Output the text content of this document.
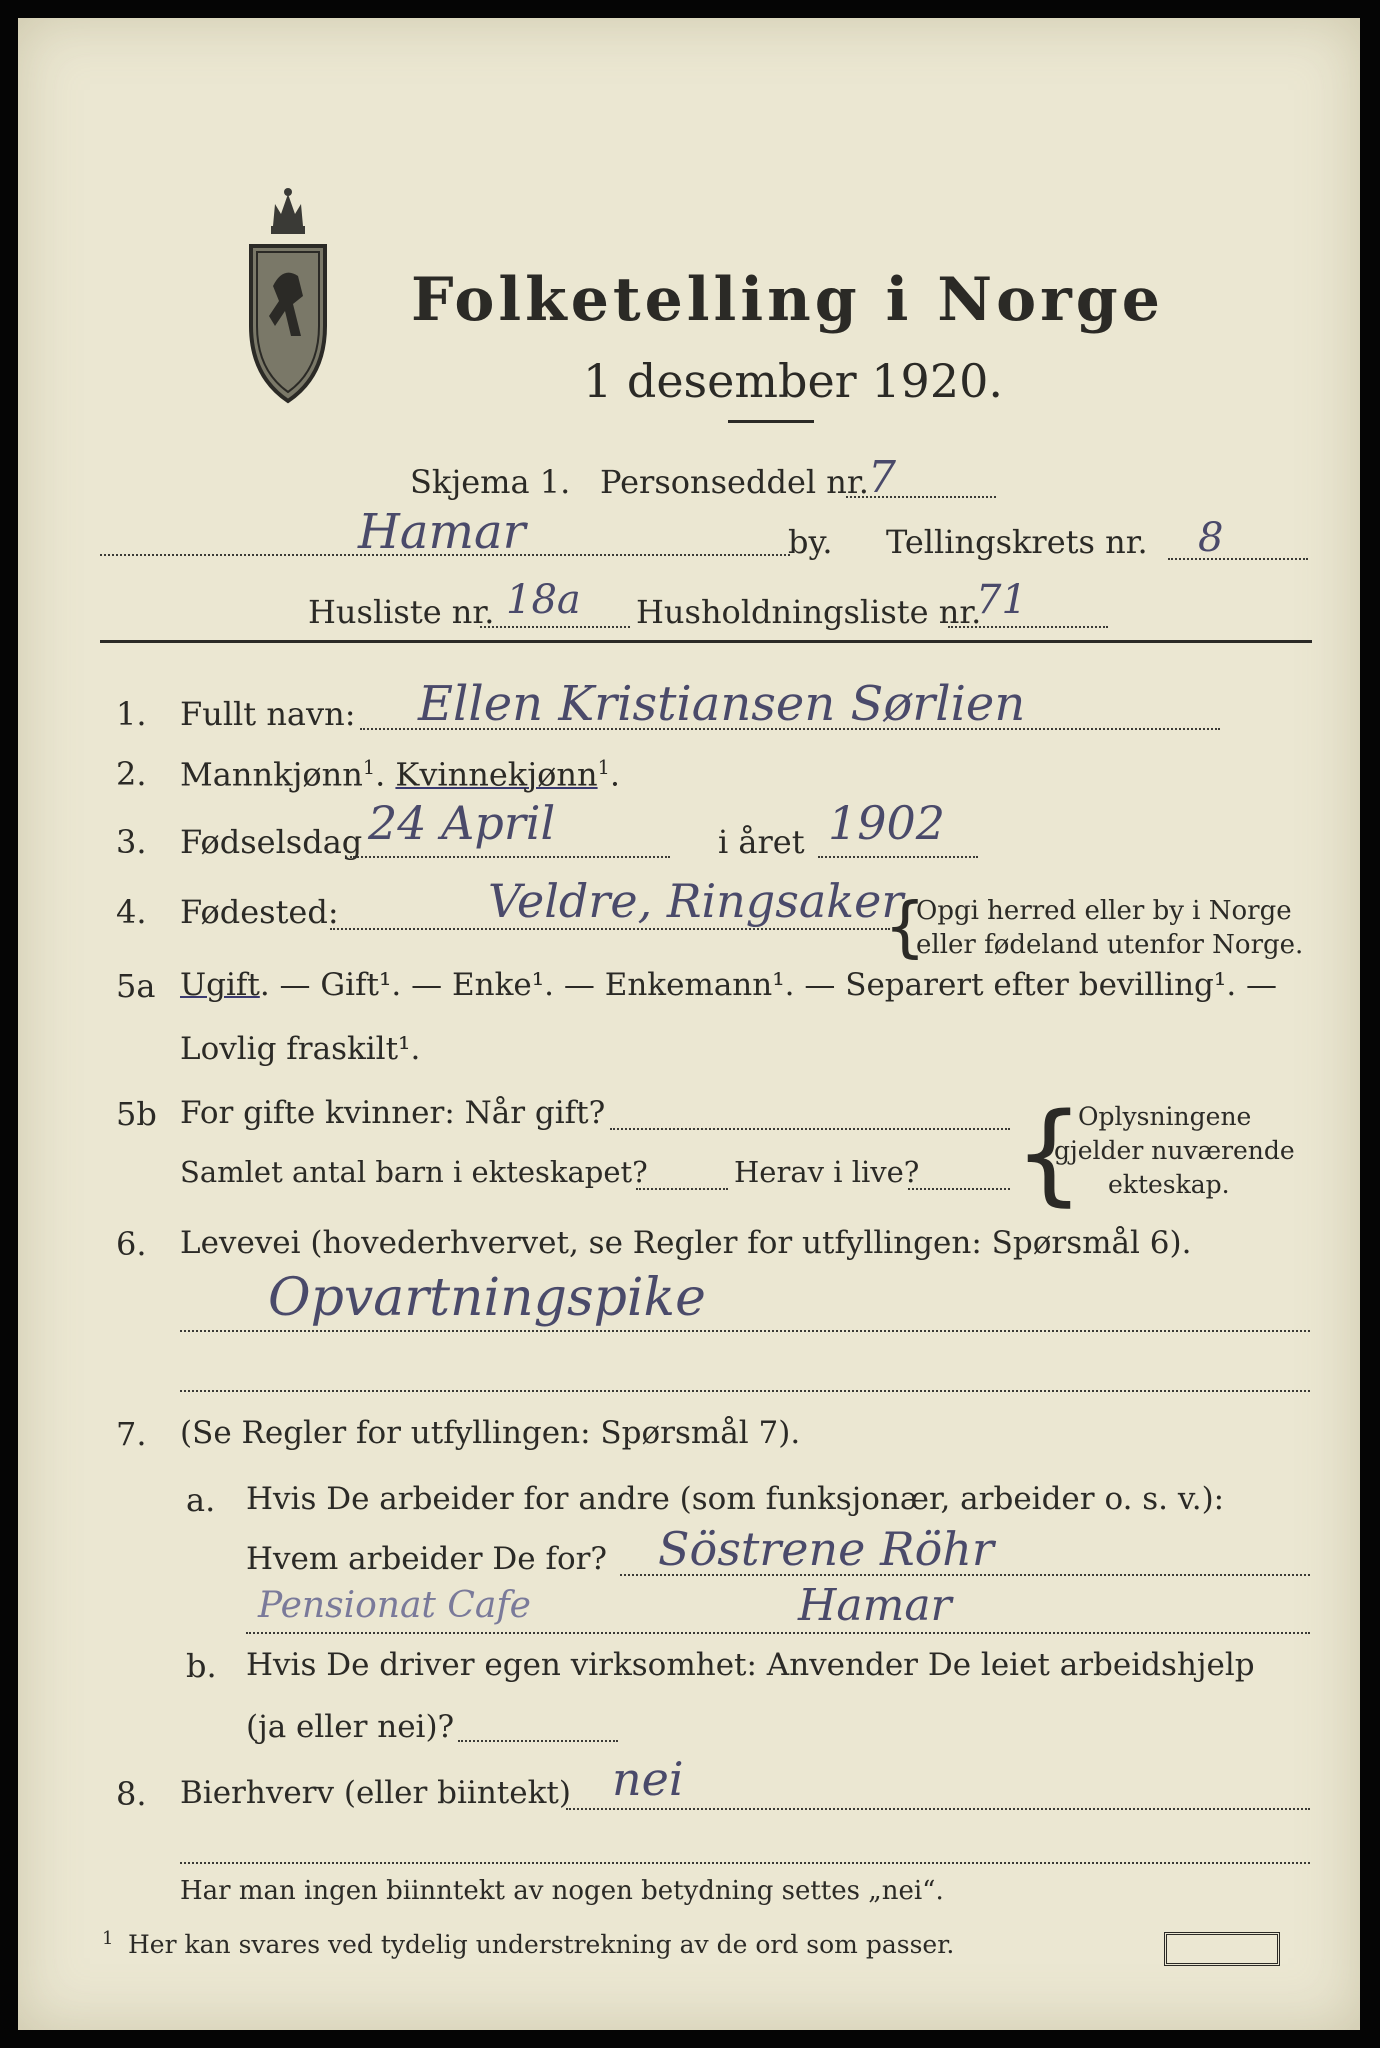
Folketelling i Norge
1 desember 1920.
Skjema 1. Personseddel nr. 7
Hamar	by. Tellingskrets nr. 8
Husliste nr. 18a Husholdningsliste nr.
71
1. Fullt navn: Ellen Kristiansen Sørlien
2. Mannkjønn$^1$. Kvinnekjønn$^1$.
3. Fødselsdag 24 April	i året 1902
4. Fødested:	Veldre, Ringsaker
{
Opgi herred eller by i Norge
eller fødeland utenfor Norge.
5a Ugift. — Gift¹. — Enke¹. — Enkemann¹. — Separert efter bevilling¹. —
Lovlig fraskilt¹.
5b For gifte kvinner: Når gift?
Samlet antal barn i ekteskapet?	Herav i live? {
Oplysningene
gjelder nuværende
ekteskap.
6. Levevei (hovederhvervet, se Regler for utfyllingen: Spørsmål 6).
Opvartningspike
7. (Se Regler for utfyllingen: Spørsmål 7).
a. Hvis De arbeider for andre (som funksjonær, arbeider o. s. v.):
Hvem arbeider De for? Söstrene Röhr
Pensionat Cafe	Hamar
b. Hvis De driver egen virksomhet: Anvender De leiet arbeidshjelp
(ja eller nei)?
8. Bierhverv (eller biintekt) nei
Har man ingen biinntekt av nogen betydning settes „nei“.
1 Her kan svares ved tydelig understrekning av de ord som passer.
